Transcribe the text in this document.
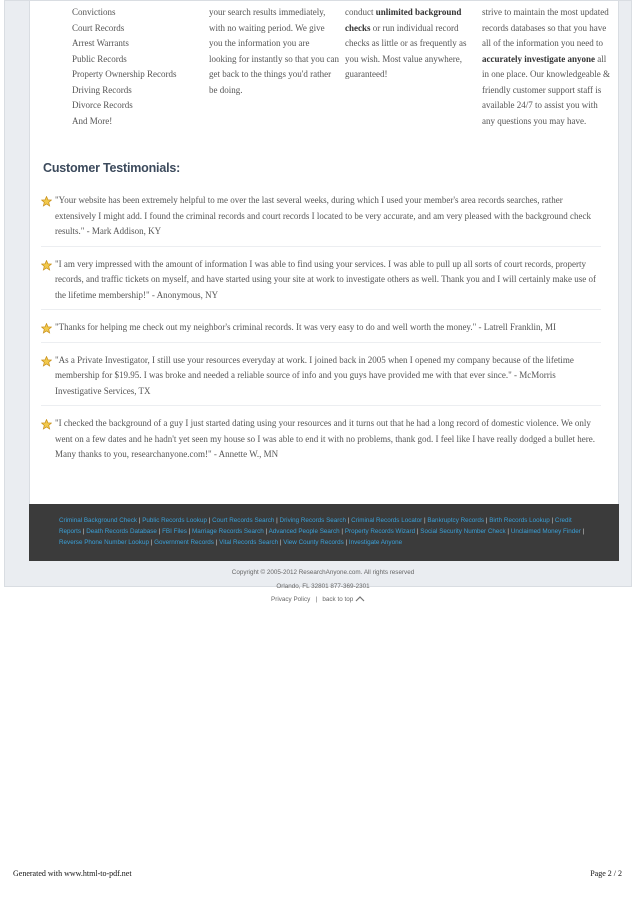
Convictions
Court Records
Arrest Warrants
Public Records
Property Ownership Records
Driving Records
Divorce Records
And More!
your search results immediately, with no waiting period. We give you the information you are looking for instantly so that you can get back to the things you'd rather be doing.
conduct unlimited background checks or run individual record checks as little or as frequently as you wish. Most value anywhere, guaranteed!
strive to maintain the most updated records databases so that you have all of the information you need to accurately investigate anyone all in one place. Our knowledgeable & friendly customer support staff is available 24/7 to assist you with any questions you may have.
Customer Testimonials:
"Your website has been extremely helpful to me over the last several weeks, during which I used your member's area records searches, rather extensively I might add. I found the criminal records and court records I located to be very accurate, and am very pleased with the background check results." - Mark Addison, KY
"I am very impressed with the amount of information I was able to find using your services. I was able to pull up all sorts of court records, property records, and traffic tickets on myself, and have started using your site at work to investigate others as well. Thank you and I will certainly make use of the lifetime membership!" - Anonymous, NY
"Thanks for helping me check out my neighbor's criminal records. It was very easy to do and well worth the money." - Latrell Franklin, MI
"As a Private Investigator, I still use your resources everyday at work. I joined back in 2005 when I opened my company because of the lifetime membership for $19.95. I was broke and needed a reliable source of info and you guys have provided me with that ever since." - McMorris Investigative Services, TX
"I checked the background of a guy I just started dating using your resources and it turns out that he had a long record of domestic violence. We only went on a few dates and he hadn't yet seen my house so I was able to end it with no problems, thank god. I feel like I have really dodged a bullet here. Many thanks to you, researchanyone.com!" - Annette W., MN
Criminal Background Check | Public Records Lookup | Court Records Search | Driving Records Search | Criminal Records Locator | Bankruptcy Records | Birth Records Lookup | Credit Reports | Death Records Database | FBI Files | Marriage Records Search | Advanced People Search | Property Records Wizard | Social Security Number Check | Unclaimed Money Finder | Reverse Phone Number Lookup | Government Records | Vital Records Search | View County Records | Investigate Anyone
Copyright © 2005-2012 ResearchAnyone.com. All rights reserved
Orlando, FL 32801 877-369-2301
Privacy Policy | back to top
Generated with www.html-to-pdf.net	Page 2 / 2
